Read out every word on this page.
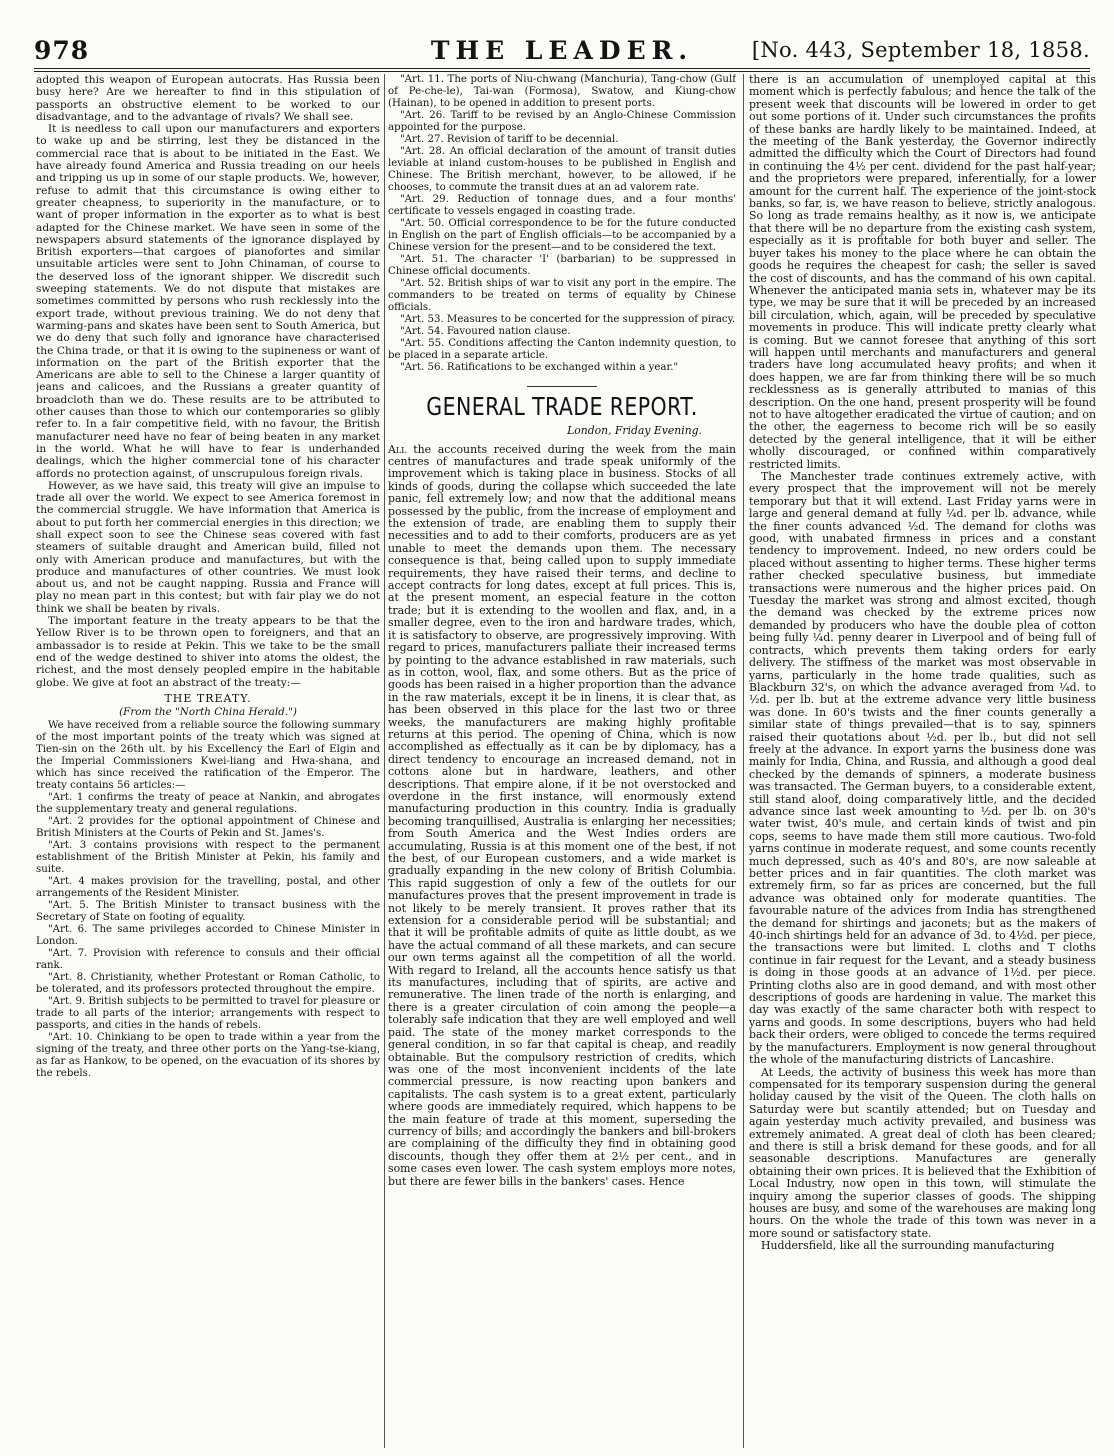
978	THE LEADER.	[No. 443, September 18, 1858.

adopted this weapon of European autocrats. Has Russia been busy here? Are we hereafter to find in this stipulation of passports an obstructive element to be worked to our disadvantage, and to the advantage of rivals? We shall see.

It is needless to call upon our manufacturers and exporters to wake up and be stirring, lest they be distanced in the commercial race that is about to be initiated in the East. We have already found America and Russia treading on our heels and tripping us up in some of our staple products. We, however, refuse to admit that this circumstance is owing either to greater cheapness, to superiority in the manufacture, or to want of proper information in the exporter as to what is best adapted for the Chinese market. We have seen in some of the newspapers absurd statements of the ignorance displayed by British exporters—that cargoes of pianofortes and similar unsuitable articles were sent to John Chinaman, of course to the deserved loss of the ignorant shipper. We discredit such sweeping statements. We do not dispute that mistakes are sometimes committed by persons who rush recklessly into the export trade, without previous training. We do not deny that warming-pans and skates have been sent to South America, but we do deny that such folly and ignorance have characterised the China trade, or that it is owing to the supineness or want of information on the part of the British exporter that the Americans are able to sell to the Chinese a larger quantity of jeans and calicoes, and the Russians a greater quantity of broadcloth than we do. These results are to be attributed to other causes than those to which our contemporaries so glibly refer to. In a fair competitive field, with no favour, the British manufacturer need have no fear of being beaten in any market in the world. What he will have to fear is underhanded dealings, which the higher commercial tone of his character affords no protection against, of unscrupulous foreign rivals.

However, as we have said, this treaty will give an impulse to trade all over the world. We expect to see America foremost in the commercial struggle. We have information that America is about to put forth her commercial energies in this direction; we shall expect soon to see the Chinese seas covered with fast steamers of suitable draught and American build, filled not only with American produce and manufactures, but with the produce and manufactures of other countries. We must look about us, and not be caught napping. Russia and France will play no mean part in this contest; but with fair play we do not think we shall be beaten by rivals.

The important feature in the treaty appears to be that the Yellow River is to be thrown open to foreigners, and that an ambassador is to reside at Pekin. This we take to be the small end of the wedge destined to shiver into atoms the oldest, the richest, and the most densely peopled empire in the habitable globe. We give at foot an abstract of the treaty:—

THE TREATY.
(From the "North China Herald.")

We have received from a reliable source the following summary of the most important points of the treaty which was signed at Tien-sin on the 26th ult. by his Excellency the Earl of Elgin and the Imperial Commissioners Kwei-liang and Hwa-shana, and which has since received the ratification of the Emperor. The treaty contains 56 articles:—

"Art. 1 confirms the treaty of peace at Nankin, and abrogates the supplementary treaty and general regulations.

"Art. 2 provides for the optional appointment of Chinese and British Ministers at the Courts of Pekin and St. James's.

"Art. 3 contains provisions with respect to the permanent establishment of the British Minister at Pekin, his family and suite.

"Art. 4 makes provision for the travelling, postal, and other arrangements of the Resident Minister.

"Art. 5. The British Minister to transact business with the Secretary of State on footing of equality.

"Art. 6. The same privileges accorded to Chinese Minister in London.

"Art. 7. Provision with reference to consuls and their official rank.

"Art. 8. Christianity, whether Protestant or Roman Catholic, to be tolerated, and its professors protected throughout the empire.

"Art. 9. British subjects to be permitted to travel for pleasure or trade to all parts of the interior; arrangements with respect to passports, and cities in the hands of rebels.

"Art. 10. Chinkiang to be open to trade within a year from the signing of the treaty, and three other ports on the Yang-tse-kiang, as far as Hankow, to be opened, on the evacuation of its shores by the rebels.

"Art. 11. The ports of Niu-chwang (Manchuria), Tang-chow (Gulf of Pe-che-le), Tai-wan (Formosa), Swatow, and Kiung-chow (Hainan), to be opened in addition to present ports.

"Art. 26. Tariff to be revised by an Anglo-Chinese Commission appointed for the purpose.

"Art. 27. Revision of tariff to be decennial.

"Art. 28. An official declaration of the amount of transit duties leviable at inland custom-houses to be published in English and Chinese. The British merchant, however, to be allowed, if he chooses, to commute the transit dues at an ad valorem rate.

"Art. 29. Reduction of tonnage dues, and a four months' certificate to vessels engaged in coasting trade.

"Art. 50. Official correspondence to be for the future conducted in English on the part of English officials—to be accompanied by a Chinese version for the present—and to be considered the text.

"Art. 51. The character 'I' (barbarian) to be suppressed in Chinese official documents.

"Art. 52. British ships of war to visit any port in the empire. The commanders to be treated on terms of equality by Chinese officials.

"Art. 53. Measures to be concerted for the suppression of piracy.

"Art. 54. Favoured nation clause.

"Art. 55. Conditions affecting the Canton indemnity question, to be placed in a separate article.

"Art. 56. Ratifications to be exchanged within a year."

GENERAL TRADE REPORT.
London, Friday Evening.

All the accounts received during the week from the main centres of manufactures and trade speak uniformly of the improvement which is taking place in business. Stocks of all kinds of goods, during the collapse which succeeded the late panic, fell extremely low; and now that the additional means possessed by the public, from the increase of employment and the extension of trade, are enabling them to supply their necessities and to add to their comforts, producers are as yet unable to meet the demands upon them. The necessary consequence is that, being called upon to supply immediate requirements, they have raised their terms, and decline to accept contracts for long dates, except at full prices. This is, at the present moment, an especial feature in the cotton trade; but it is extending to the woollen and flax, and, in a smaller degree, even to the iron and hardware trades, which, it is satisfactory to observe, are progressively improving. With regard to prices, manufacturers palliate their increased terms by pointing to the advance established in raw materials, such as in cotton, wool, flax, and some others. But as the price of goods has been raised in a higher proportion than the advance in the raw materials, except it be in linens, it is clear that, as has been observed in this place for the last two or three weeks, the manufacturers are making highly profitable returns at this period. The opening of China, which is now accomplished as effectually as it can be by diplomacy, has a direct tendency to encourage an increased demand, not in cottons alone but in hardware, leathers, and other descriptions. That empire alone, if it be not overstocked and overdone in the first instance, will enormously extend manufacturing production in this country. India is gradually becoming tranquillised, Australia is enlarging her necessities; from South America and the West Indies orders are accumulating, Russia is at this moment one of the best, if not the best, of our European customers, and a wide market is gradually expanding in the new colony of British Columbia. This rapid suggestion of only a few of the outlets for our manufactures proves that the present improvement in trade is not likely to be merely transient. It proves rather that its extension for a considerable period will be substantial; and that it will be profitable admits of quite as little doubt, as we have the actual command of all these markets, and can secure our own terms against all the competition of all the world. With regard to Ireland, all the accounts hence satisfy us that its manufactures, including that of spirits, are active and remunerative. The linen trade of the north is enlarging, and there is a greater circulation of coin among the people—a tolerably safe indication that they are well employed and well paid. The state of the money market corresponds to the general condition, in so far that capital is cheap, and readily obtainable. But the compulsory restriction of credits, which was one of the most inconvenient incidents of the late commercial pressure, is now reacting upon bankers and capitalists. The cash system is to a great extent, particularly where goods are immediately required, which happens to be the main feature of trade at this moment, superseding the currency of bills; and accordingly the bankers and bill-brokers are complaining of the difficulty they find in obtaining good discounts, though they offer them at 2½ per cent., and in some cases even lower. The cash system employs more notes, but there are fewer bills in the bankers' cases. Hence

there is an accumulation of unemployed capital at this moment which is perfectly fabulous; and hence the talk of the present week that discounts will be lowered in order to get out some portions of it. Under such circumstances the profits of these banks are hardly likely to be maintained. Indeed, at the meeting of the Bank yesterday, the Governor indirectly admitted the difficulty which the Court of Directors had found in continuing the 4½ per cent. dividend for the past half-year; and the proprietors were prepared, inferentially, for a lower amount for the current half. The experience of the joint-stock banks, so far, is, we have reason to believe, strictly analogous. So long as trade remains healthy, as it now is, we anticipate that there will be no departure from the existing cash system, especially as it is profitable for both buyer and seller. The buyer takes his money to the place where he can obtain the goods he requires the cheapest for cash; the seller is saved the cost of discounts, and has the command of his own capital. Whenever the anticipated mania sets in, whatever may be its type, we may be sure that it will be preceded by an increased bill circulation, which, again, will be preceded by speculative movements in produce. This will indicate pretty clearly what is coming. But we cannot foresee that anything of this sort will happen until merchants and manufacturers and general traders have long accumulated heavy profits; and when it does happen, we are far from thinking there will be so much recklessness as is generally attributed to manias of this description. On the one hand, present prosperity will be found not to have altogether eradicated the virtue of caution; and on the other, the eagerness to become rich will be so easily detected by the general intelligence, that it will be either wholly discouraged, or confined within comparatively restricted limits.

The Manchester trade continues extremely active, with every prospect that the improvement will not be merely temporary but that it will extend. Last Friday yarns were in large and general demand at fully ¼d. per lb. advance, while the finer counts advanced ½d. The demand for cloths was good, with unabated firmness in prices and a constant tendency to improvement. Indeed, no new orders could be placed without assenting to higher terms. These higher terms rather checked speculative business, but immediate transactions were numerous and the higher prices paid. On Tuesday the market was strong and almost excited, though the demand was checked by the extreme prices now demanded by producers who have the double plea of cotton being fully ¼d. penny dearer in Liverpool and of being full of contracts, which prevents them taking orders for early delivery. The stiffness of the market was most observable in yarns, particularly in the home trade qualities, such as Blackburn 32's, on which the advance averaged from ¼d. to ½d. per lb. but at the extreme advance very little business was done. In 60's twists and the finer counts generally a similar state of things prevailed—that is to say, spinners raised their quotations about ½d. per lb., but did not sell freely at the advance. In export yarns the business done was mainly for India, China, and Russia, and although a good deal checked by the demands of spinners, a moderate business was transacted. The German buyers, to a considerable extent, still stand aloof, doing comparatively little, and the decided advance since last week amounting to ½d. per lb. on 30's water twist, 40's mule, and certain kinds of twist and pin cops, seems to have made them still more cautious. Two-fold yarns continue in moderate request, and some counts recently much depressed, such as 40's and 80's, are now saleable at better prices and in fair quantities. The cloth market was extremely firm, so far as prices are concerned, but the full advance was obtained only for moderate quantities. The favourable nature of the advices from India has strengthened the demand for shirtings and jaconets; but as the makers of 40-inch shirtings held for an advance of 3d. to 4½d. per piece, the transactions were but limited. L cloths and T cloths continue in fair request for the Levant, and a steady business is doing in those goods at an advance of 1½d. per piece. Printing cloths also are in good demand, and with most other descriptions of goods are hardening in value. The market this day was exactly of the same character both with respect to yarns and goods. In some descriptions, buyers who had held back their orders, were obliged to concede the terms required by the manufacturers. Employment is now general throughout the whole of the manufacturing districts of Lancashire.

At Leeds, the activity of business this week has more than compensated for its temporary suspension during the general holiday caused by the visit of the Queen. The cloth halls on Saturday were but scantily attended; but on Tuesday and again yesterday much activity prevailed, and business was extremely animated. A great deal of cloth has been cleared; and there is still a brisk demand for these goods, and for all seasonable descriptions. Manufactures are generally obtaining their own prices. It is believed that the Exhibition of Local Industry, now open in this town, will stimulate the inquiry among the superior classes of goods. The shipping houses are busy, and some of the warehouses are making long hours. On the whole the trade of this town was never in a more sound or satisfactory state.

Huddersfield, like all the surrounding manufacturing
